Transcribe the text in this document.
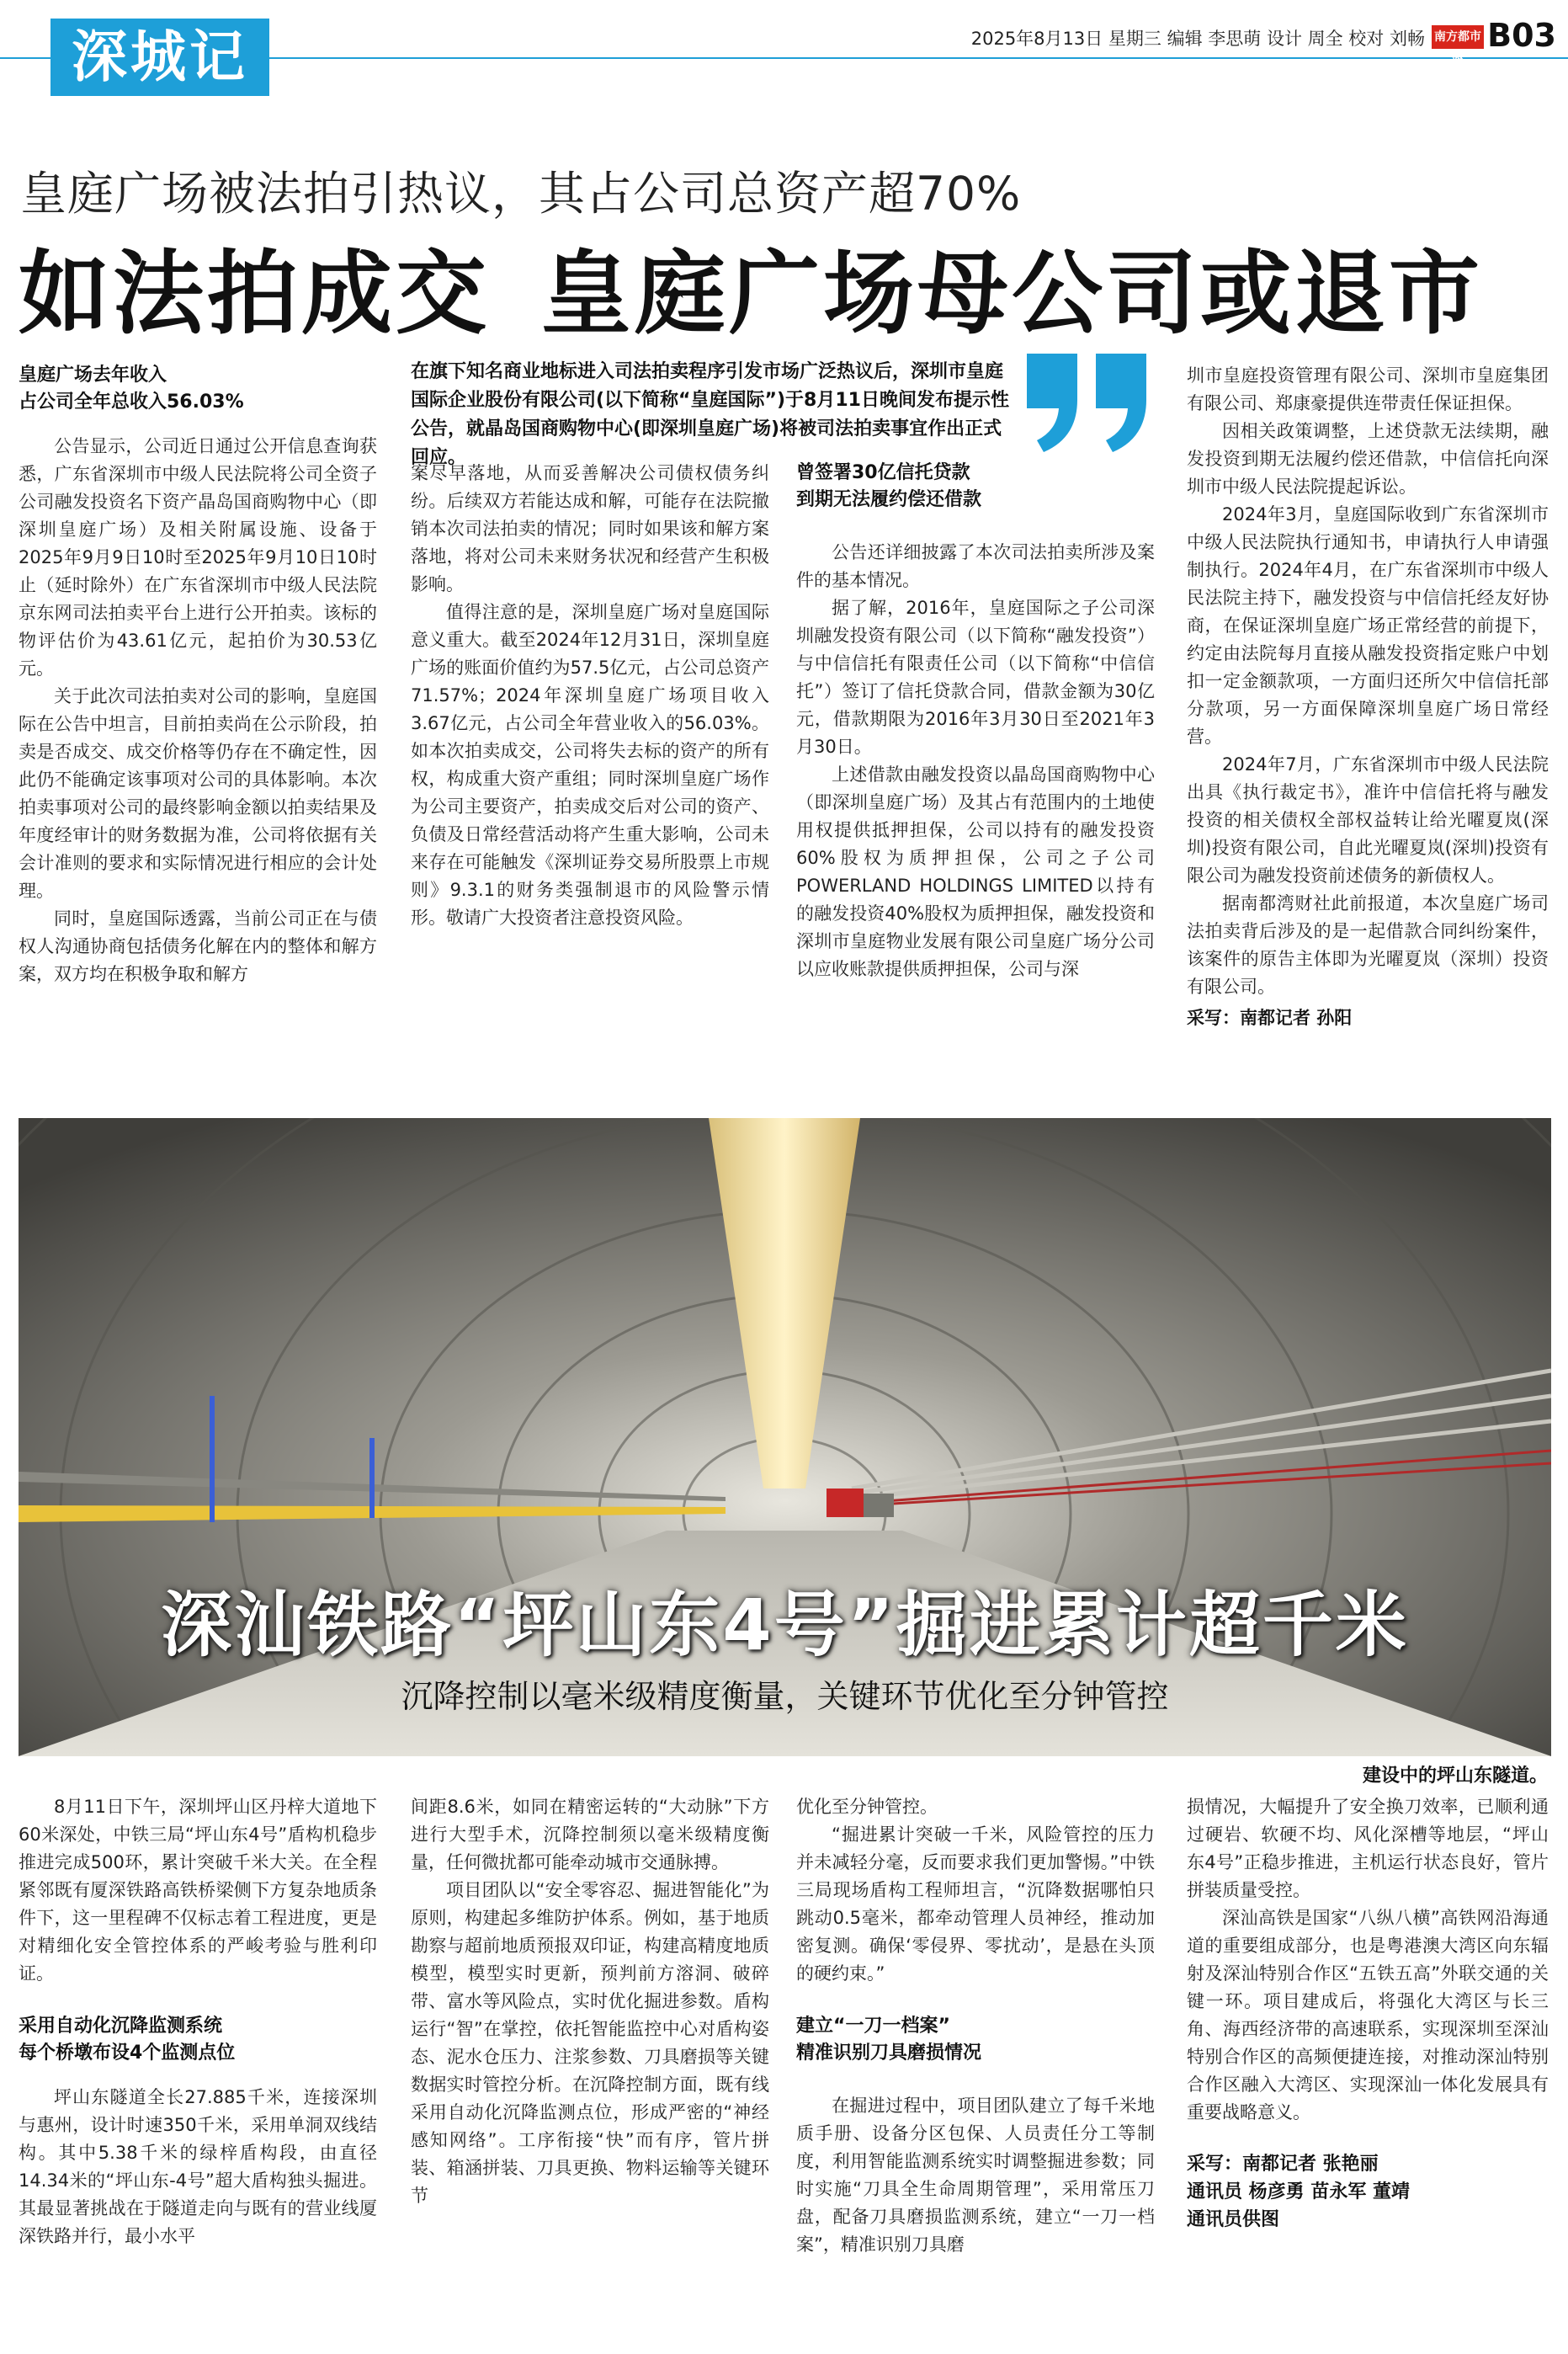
深城记	2025年8月13日 星期三 编辑 李思萌 设计 周全 校对 刘畅 南方都市報
B03
皇庭广场被法拍引热议，其占公司总资产超70%
如法拍成交 皇庭广场母公司或退市
在旗下知名商业地标进入司法拍卖程序引发市场广泛热议后，深圳市皇庭国际企业股份有限公司(以下简称“皇庭国际”)于8月11日晚间发布提示性公告，就晶岛国商购物中心(即深圳皇庭广场)将被司法拍卖事宜作出正式回应。
皇庭广场去年收入
占公司全年总收入56.03%

公告显示，公司近日通过公开信息查询获悉，广东省深圳市中级人民法院将公司全资子公司融发投资名下资产晶岛国商购物中心（即深圳皇庭广场）及相关附属设施、设备于2025年9月9日10时至2025年9月10日10时止（延时除外）在广东省深圳市中级人民法院京东网司法拍卖平台上进行公开拍卖。该标的物评估价为43.61亿元，起拍价为30.53亿元。

关于此次司法拍卖对公司的影响，皇庭国际在公告中坦言，目前拍卖尚在公示阶段，拍卖是否成交、成交价格等仍存在不确定性，因此仍不能确定该事项对公司的具体影响。本次拍卖事项对公司的最终影响金额以拍卖结果及年度经审计的财务数据为准，公司将依据有关会计准则的要求和实际情况进行相应的会计处理。

同时，皇庭国际透露，当前公司正在与债权人沟通协商包括债务化解在内的整体和解方案，双方均在积极争取和解方

案尽早落地，从而妥善解决公司债权债务纠纷。后续双方若能达成和解，可能存在法院撤销本次司法拍卖的情况；同时如果该和解方案落地，将对公司未来财务状况和经营产生积极影响。

值得注意的是，深圳皇庭广场对皇庭国际意义重大。截至2024年12月31日，深圳皇庭广场的账面价值约为57.5亿元，占公司总资产71.57%；2024年深圳皇庭广场项目收入3.67亿元，占公司全年营业收入的56.03%。如本次拍卖成交，公司将失去标的资产的所有权，构成重大资产重组；同时深圳皇庭广场作为公司主要资产，拍卖成交后对公司的资产、负债及日常经营活动将产生重大影响，公司未来存在可能触发《深圳证券交易所股票上市规则》9.3.1的财务类强制退市的风险警示情形。敬请广大投资者注意投资风险。

曾签署30亿信托贷款
到期无法履约偿还借款

公告还详细披露了本次司法拍卖所涉及案件的基本情况。

据了解，2016年，皇庭国际之子公司深圳融发投资有限公司（以下简称“融发投资”）与中信信托有限责任公司（以下简称“中信信托”）签订了信托贷款合同，借款金额为30亿元，借款期限为2016年3月30日至2021年3月30日。

上述借款由融发投资以晶岛国商购物中心（即深圳皇庭广场）及其占有范围内的土地使用权提供抵押担保，公司以持有的融发投资60%股权为质押担保，公司之子公司POWERLAND HOLDINGS LIMITED以持有的融发投资40%股权为质押担保，融发投资和深圳市皇庭物业发展有限公司皇庭广场分公司以应收账款提供质押担保，公司与深

圳市皇庭投资管理有限公司、深圳市皇庭集团有限公司、郑康豪提供连带责任保证担保。

因相关政策调整，上述贷款无法续期，融发投资到期无法履约偿还借款，中信信托向深圳市中级人民法院提起诉讼。

2024年3月，皇庭国际收到广东省深圳市中级人民法院执行通知书，申请执行人申请强制执行。2024年4月，在广东省深圳市中级人民法院主持下，融发投资与中信信托经友好协商，在保证深圳皇庭广场正常经营的前提下，约定由法院每月直接从融发投资指定账户中划扣一定金额款项，一方面归还所欠中信信托部分款项，另一方面保障深圳皇庭广场日常经营。

2024年7月，广东省深圳市中级人民法院出具《执行裁定书》，准许中信信托将与融发投资的相关债权全部权益转让给光曜夏岚(深圳)投资有限公司，自此光曜夏岚(深圳)投资有限公司为融发投资前述债务的新债权人。

据南都湾财社此前报道，本次皇庭广场司法拍卖背后涉及的是一起借款合同纠纷案件，该案件的原告主体即为光曜夏岚（深圳）投资有限公司。

采写：南都记者 孙阳
深汕铁路“坪山东4号”掘进累计超千米
沉降控制以毫米级精度衡量，关键环节优化至分钟管控
建设中的坪山东隧道。

8月11日下午，深圳坪山区丹梓大道地下60米深处，中铁三局“坪山东4号”盾构机稳步推进完成500环，累计突破千米大关。在全程紧邻既有厦深铁路高铁桥梁侧下方复杂地质条件下，这一里程碑不仅标志着工程进度，更是对精细化安全管控体系的严峻考验与胜利印证。

采用自动化沉降监测系统
每个桥墩布设4个监测点位

坪山东隧道全长27.885千米，连接深圳与惠州，设计时速350千米，采用单洞双线结构。其中5.38千米的绿梓盾构段，由直径14.34米的“坪山东-4号”超大盾构独头掘进。其最显著挑战在于隧道走向与既有的营业线厦深铁路并行，最小水平

间距8.6米，如同在精密运转的“大动脉”下方进行大型手术，沉降控制须以毫米级精度衡量，任何微扰都可能牵动城市交通脉搏。

项目团队以“安全零容忍、掘进智能化”为原则，构建起多维防护体系。例如，基于地质勘察与超前地质预报双印证，构建高精度地质模型，模型实时更新，预判前方溶洞、破碎带、富水等风险点，实时优化掘进参数。盾构运行“智”在掌控，依托智能监控中心对盾构姿态、泥水仓压力、注浆参数、刀具磨损等关键数据实时管控分析。在沉降控制方面，既有线采用自动化沉降监测点位，形成严密的“神经感知网络”。工序衔接“快”而有序，管片拼装、箱涵拼装、刀具更换、物料运输等关键环节

优化至分钟管控。

“掘进累计突破一千米，风险管控的压力并未减轻分毫，反而要求我们更加警惕。”中铁三局现场盾构工程师坦言，“沉降数据哪怕只跳动0.5毫米，都牵动管理人员神经，推动加密复测。确保‘零侵界、零扰动’，是悬在头顶的硬约束。”

建立“一刀一档案”
精准识别刀具磨损情况

在掘进过程中，项目团队建立了每千米地质手册、设备分区包保、人员责任分工等制度，利用智能监测系统实时调整掘进参数；同时实施“刀具全生命周期管理”，采用常压刀盘，配备刀具磨损监测系统，建立“一刀一档案”，精准识别刀具磨

损情况，大幅提升了安全换刀效率，已顺利通过硬岩、软硬不均、风化深槽等地层，“坪山东4号”正稳步推进，主机运行状态良好，管片拼装质量受控。

深汕高铁是国家“八纵八横”高铁网沿海通道的重要组成部分，也是粤港澳大湾区向东辐射及深汕特别合作区“五铁五高”外联交通的关键一环。项目建成后，将强化大湾区与长三角、海西经济带的高速联系，实现深圳至深汕特别合作区的高频便捷连接，对推动深汕特别合作区融入大湾区、实现深汕一体化发展具有重要战略意义。

采写：南都记者 张艳丽
通讯员 杨彦勇 苗永军 董靖
通讯员供图
